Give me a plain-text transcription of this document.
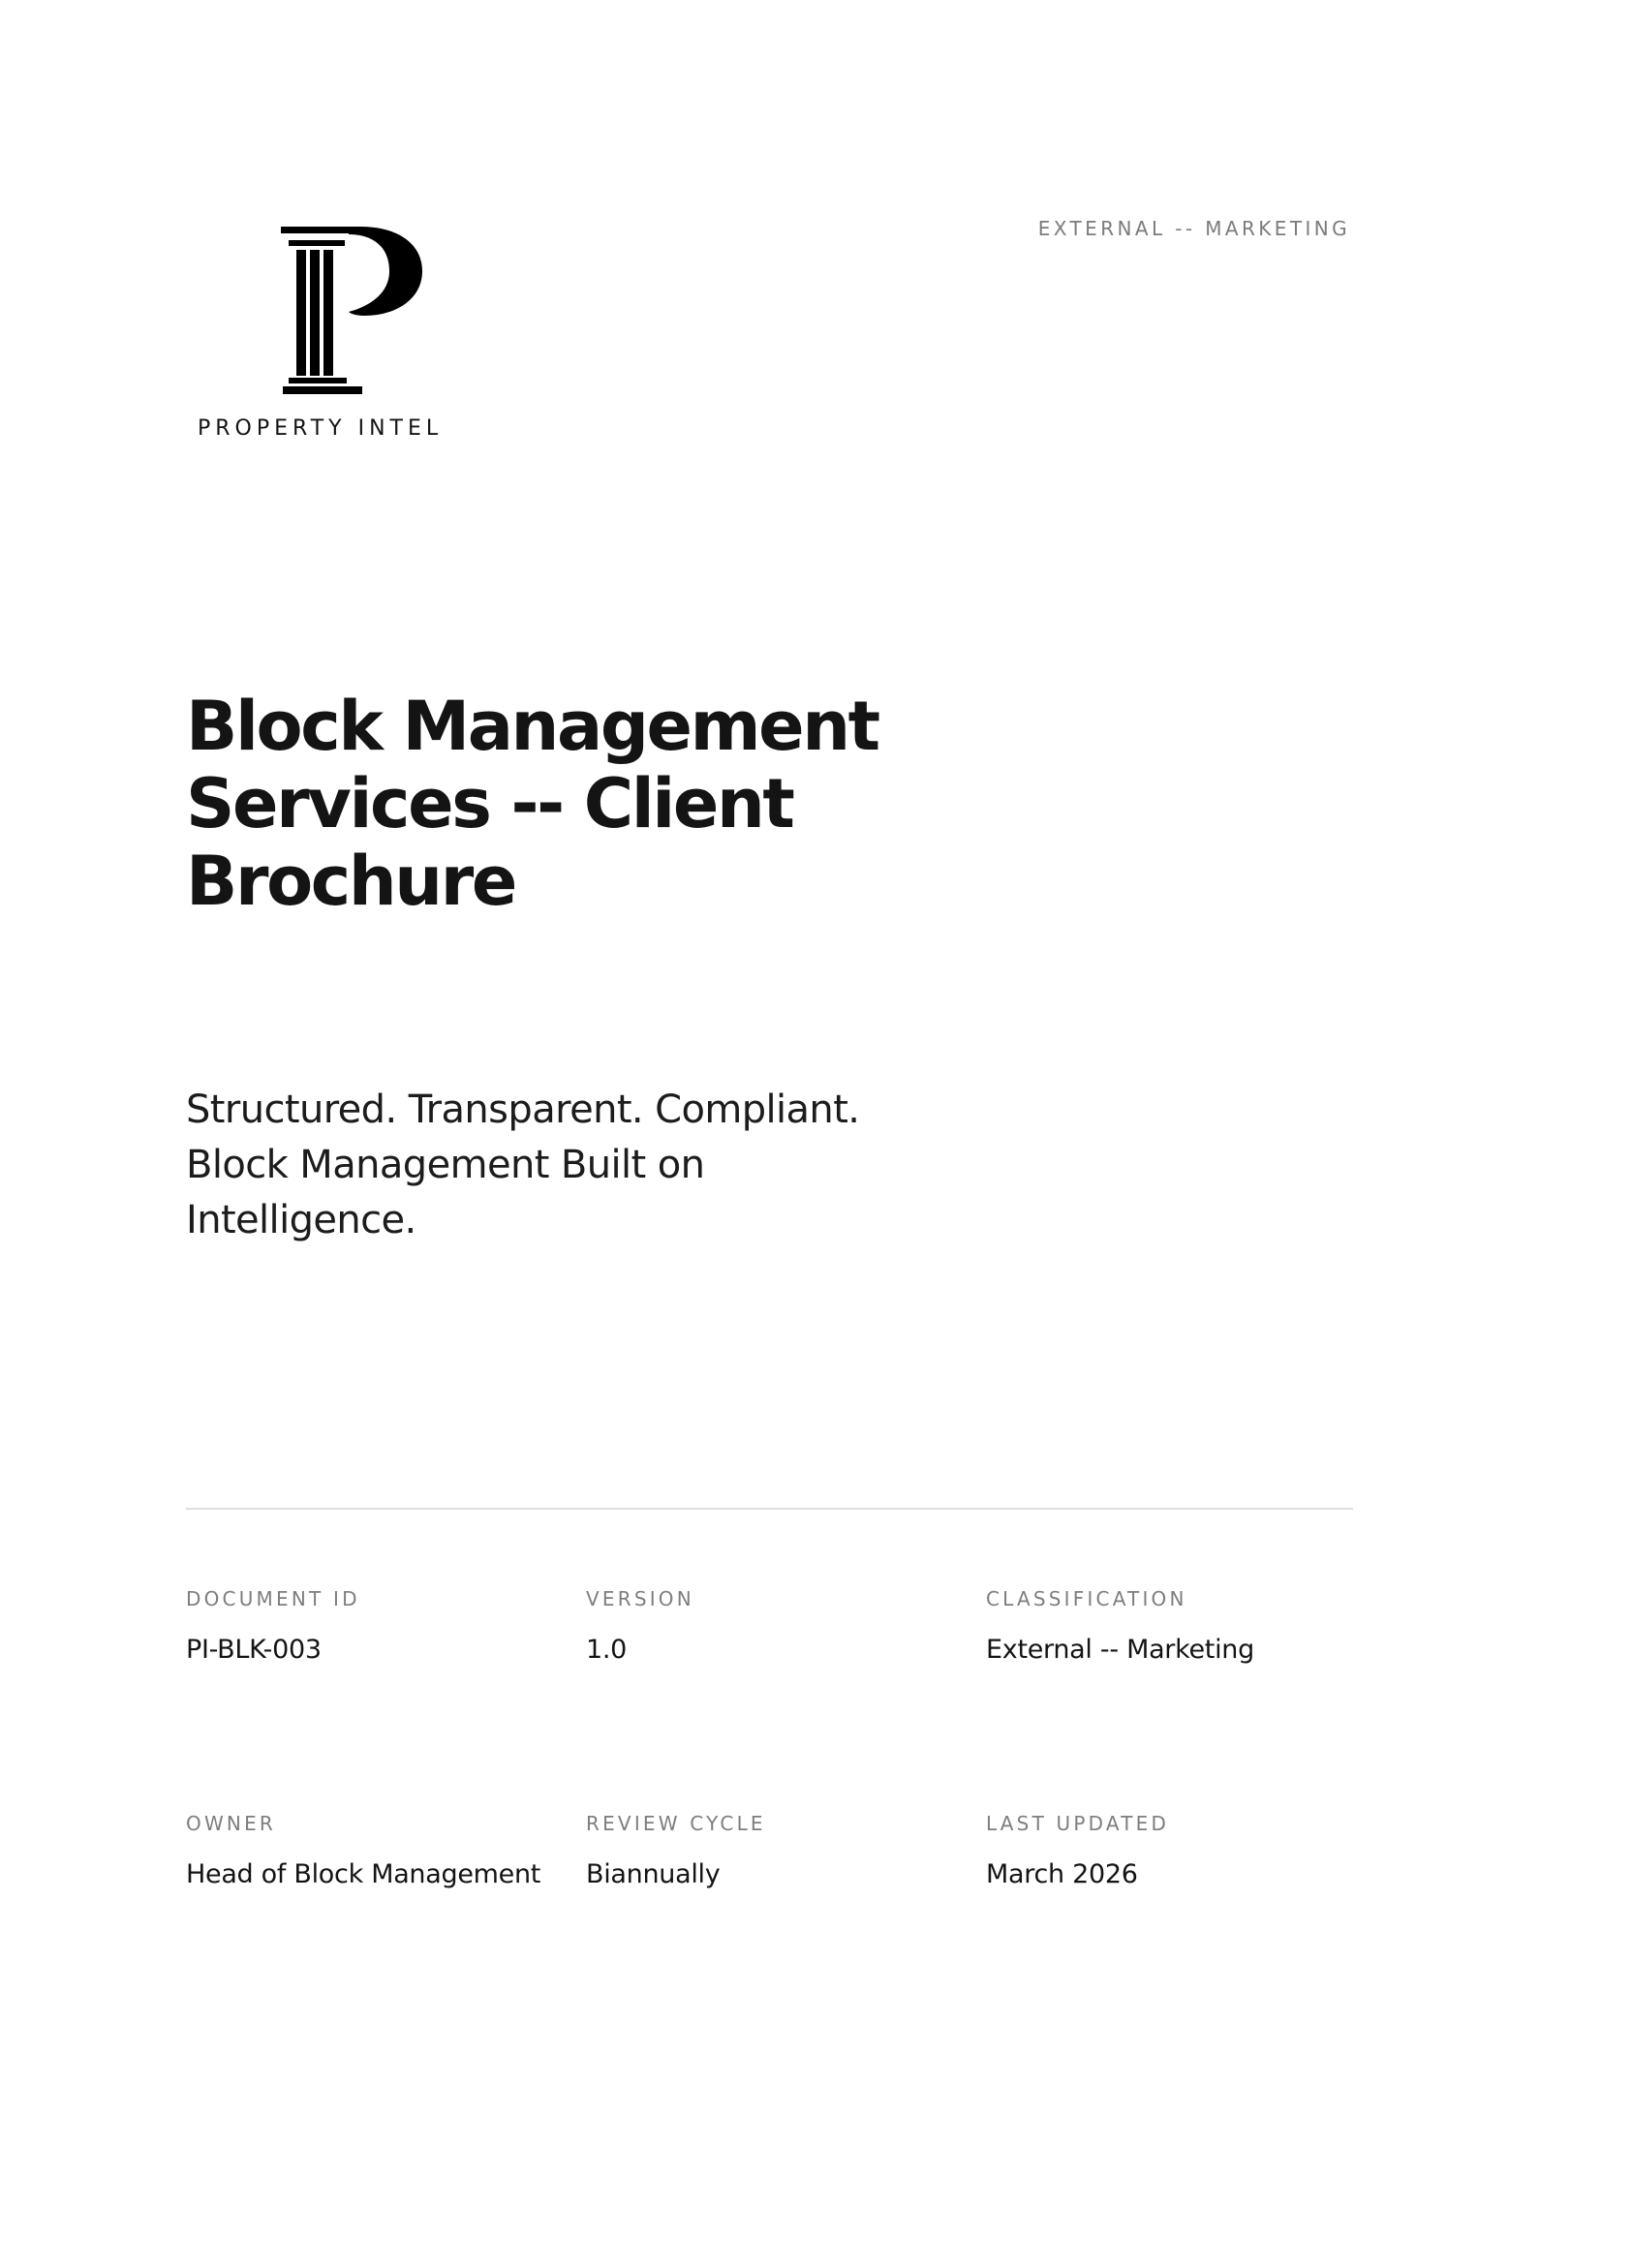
PROPERTY INTEL
EXTERNAL -- MARKETING
Block Management Services -- Client Brochure

Structured. Transparent. Compliant. Block Management Built on Intelligence.

DOCUMENT ID
PI-BLK-003
VERSION
1.0
CLASSIFICATION
External -- Marketing
OWNER
Head of Block Management
REVIEW CYCLE
Biannually
LAST UPDATED
March 2026
